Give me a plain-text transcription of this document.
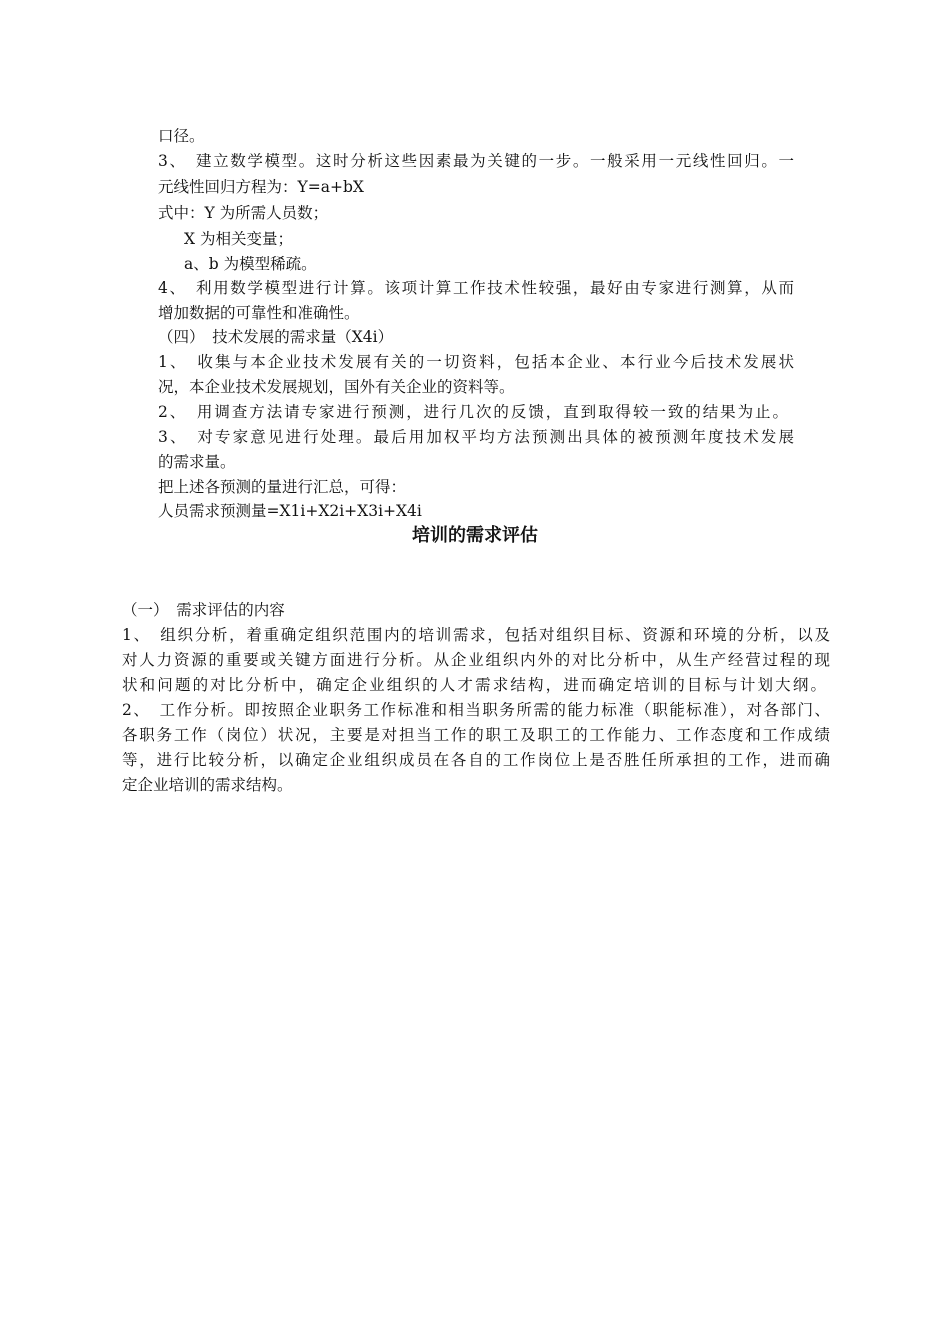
口径。

3、　建立数学模型。这时分析这些因素最为关键的一步。一般采用一元线性回归。一

元线性回归方程为：Y=a+bX

式中：Y 为所需人员数；

X 为相关变量；

a、b 为模型稀疏。

4、　利用数学模型进行计算。该项计算工作技术性较强，最好由专家进行测算，从而

增加数据的可靠性和准确性。

（四）　技术发展的需求量（X4i）

1、　收集与本企业技术发展有关的一切资料，包括本企业、本行业今后技术发展状

况，本企业技术发展规划，国外有关企业的资料等。

2、　用调查方法请专家进行预测，进行几次的反馈，直到取得较一致的结果为止。

3、　对专家意见进行处理。最后用加权平均方法预测出具体的被预测年度技术发展

的需求量。

把上述各预测的量进行汇总，可得：

人员需求预测量=X1i+X2i+X3i+X4i

培训的需求评估

（一）　需求评估的内容

1、　组织分析，着重确定组织范围内的培训需求，包括对组织目标、资源和环境的分析，以及

对人力资源的重要或关键方面进行分析。从企业组织内外的对比分析中，从生产经营过程的现

状和问题的对比分析中，确定企业组织的人才需求结构，进而确定培训的目标与计划大纲。

2、　工作分析。即按照企业职务工作标准和相当职务所需的能力标准（职能标准），对各部门、

各职务工作（岗位）状况，主要是对担当工作的职工及职工的工作能力、工作态度和工作成绩

等，进行比较分析，以确定企业组织成员在各自的工作岗位上是否胜任所承担的工作，进而确

定企业培训的需求结构。
